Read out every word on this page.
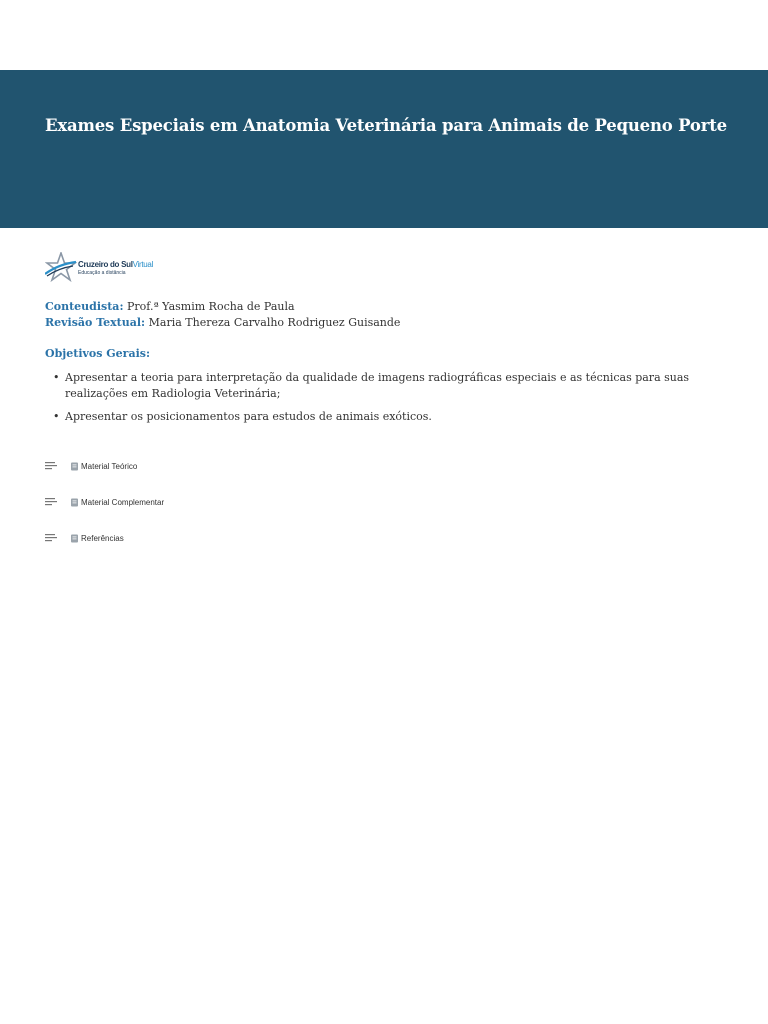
Exames Especiais em Anatomia Veterinária para Animais de Pequeno Porte
Cruzeiro do SulVirtual
Educação a distância
Conteudista: Prof.ª Yasmim Rocha de Paula
Revisão Textual: Maria Thereza Carvalho Rodriguez Guisande
Objetivos Gerais:
• Apresentar a teoria para interpretação da qualidade de imagens radiográficas especiais e as técnicas para suas realizações em Radiologia Veterinária;
• Apresentar os posicionamentos para estudos de animais exóticos.
Material Teórico
Material Complementar
Referências
